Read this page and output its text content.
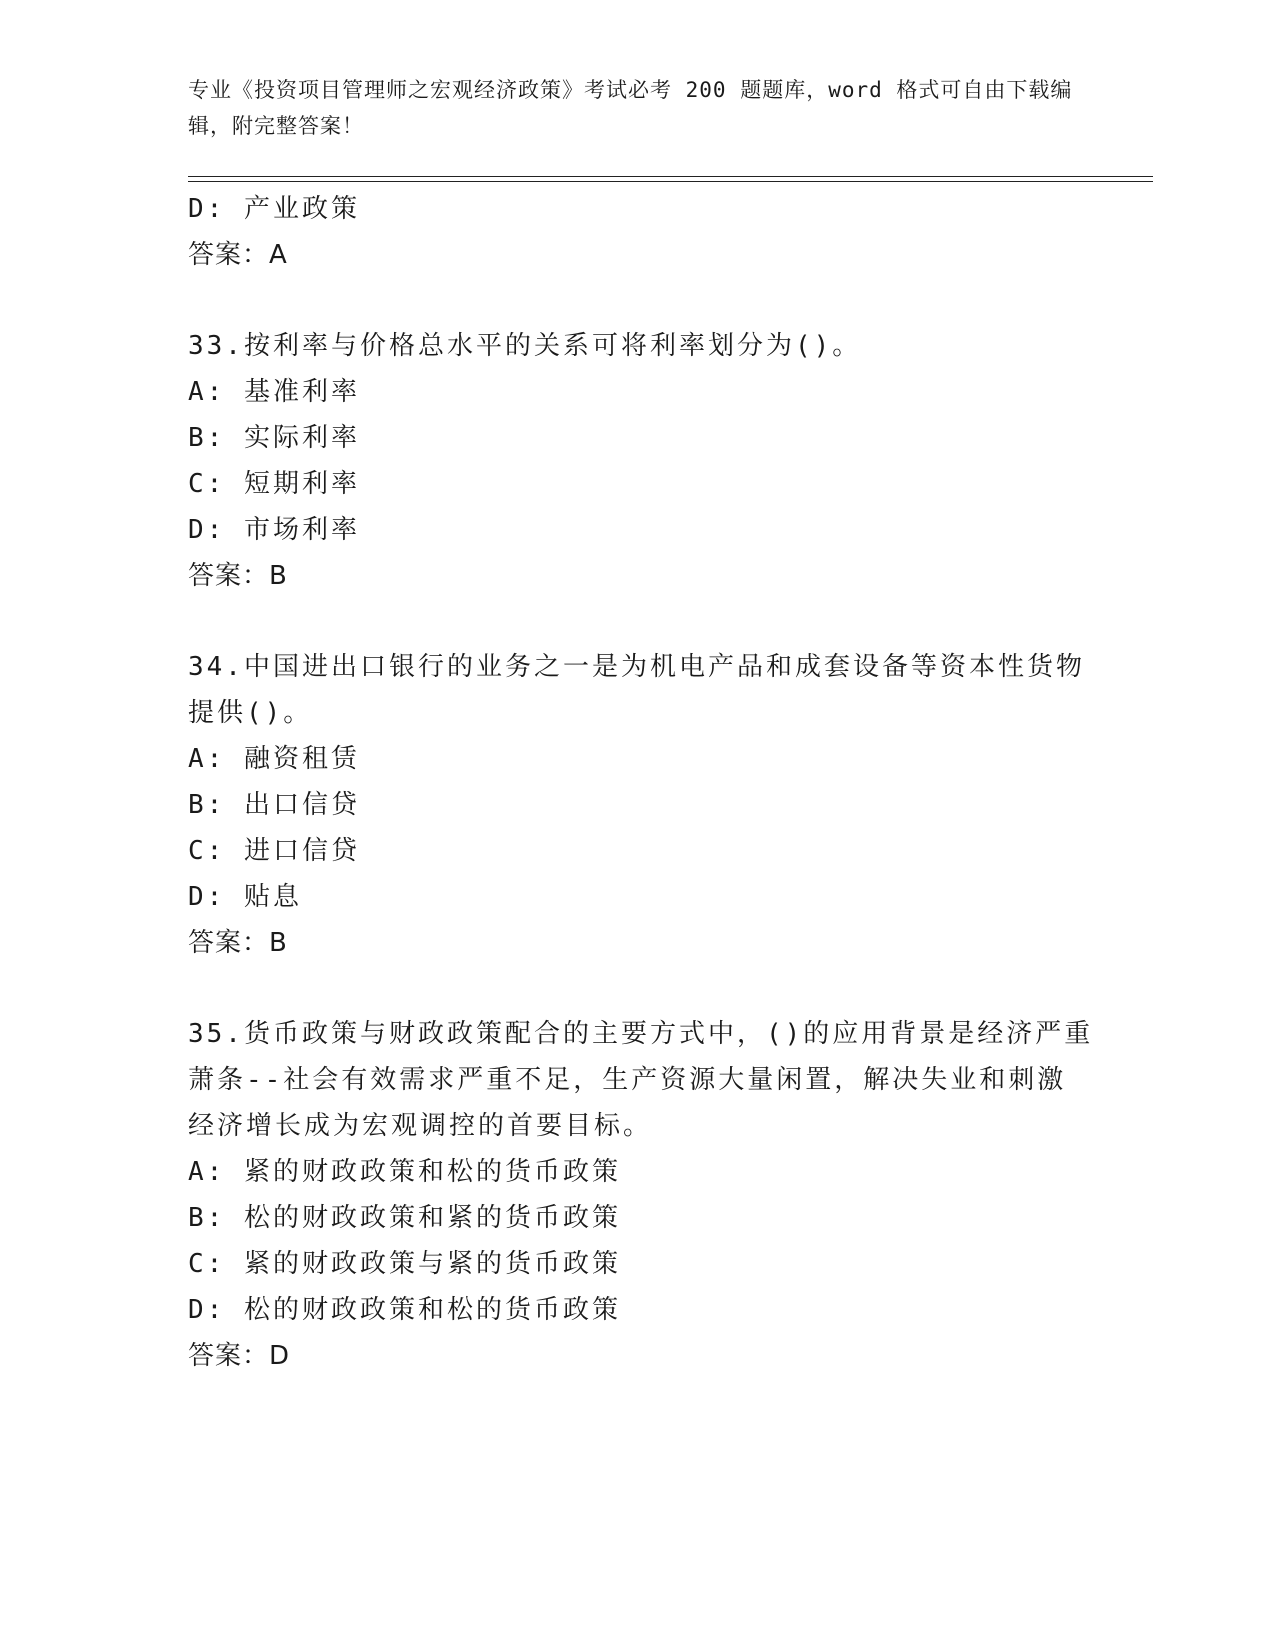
专业《投资项目管理师之宏观经济政策》考试必考 200 题题库，word 格式可自由下载编辑，附完整答案！
D: 产业政策
答案：A
33.按利率与价格总水平的关系可将利率划分为()。
A: 基准利率
B: 实际利率
C: 短期利率
D: 市场利率
答案：B
34.中国进出口银行的业务之一是为机电产品和成套设备等资本性货物
提供()。
A: 融资租赁
B: 出口信贷
C: 进口信贷
D: 贴息
答案：B
35.货币政策与财政政策配合的主要方式中，()的应用背景是经济严重
萧条--社会有效需求严重不足，生产资源大量闲置，解决失业和刺激
经济增长成为宏观调控的首要目标。
A: 紧的财政政策和松的货币政策
B: 松的财政政策和紧的货币政策
C: 紧的财政政策与紧的货币政策
D: 松的财政政策和松的货币政策
答案：D
